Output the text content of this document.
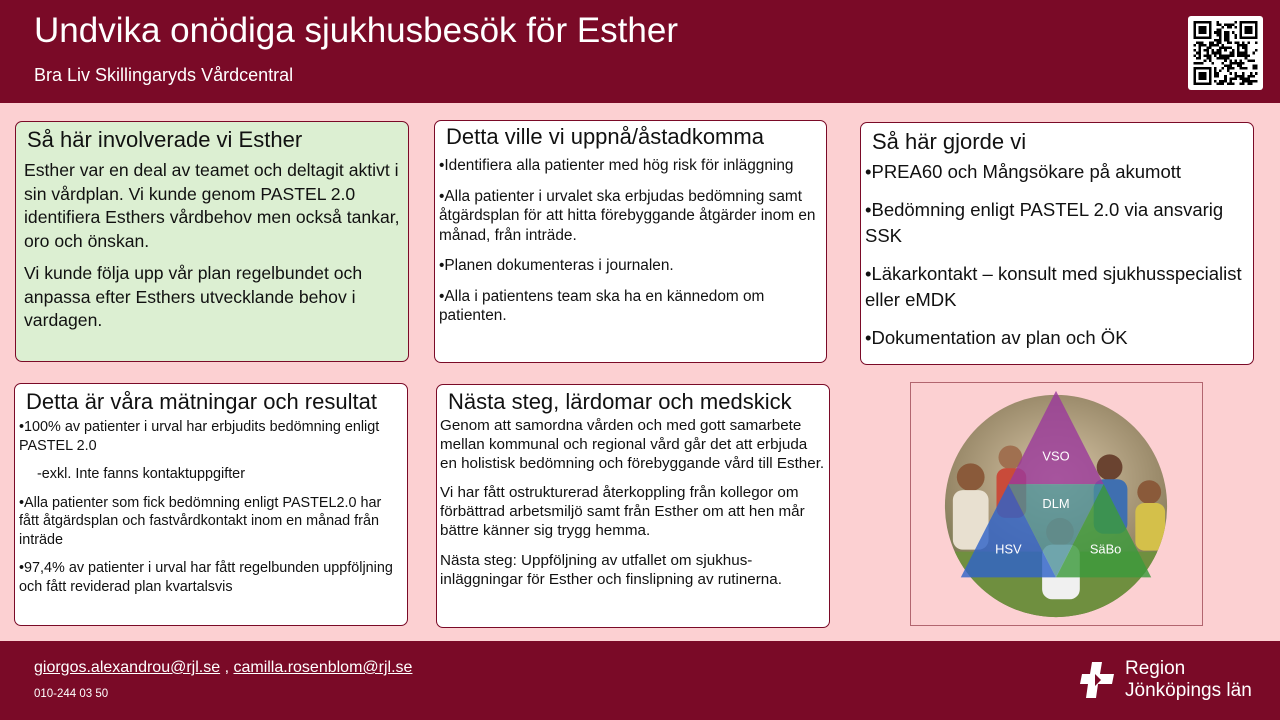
Undvika onödiga sjukhusbesök för Esther
Bra Liv Skillingaryds Vårdcentral
Så här involverade vi Esther

Esther var en deal av teamet och deltagit aktivt i sin vårdplan. Vi kunde genom PASTEL 2.0 identifiera Esthers vårdbehov men också tankar, oro och önskan.

Vi kunde följa upp vår plan regelbundet och anpassa efter Esthers utvecklande behov i vardagen.

Detta ville vi uppnå/åstadkomma

•Identifiera alla patienter med hög risk för inläggning

•Alla patienter i urvalet ska erbjudas bedömning samt åtgärdsplan för att hitta förebyggande åtgärder inom en månad, från inträde.

•Planen dokumenteras i journalen.

•Alla i patientens team ska ha en kännedom om patienten.

Så här gjorde vi

•PREA60 och Mångsökare på akumott

•Bedömning enligt PASTEL 2.0 via ansvarig SSK

•Läkarkontakt – konsult med sjukhusspecialist eller eMDK

•Dokumentation av plan och ÖK

Detta är våra mätningar och resultat

•100% av patienter i urval har erbjudits bedömning enligt PASTEL 2.0

-exkl. Inte fanns kontaktuppgifter

•Alla patienter som fick bedömning enligt PASTEL2.0 har fått åtgärdsplan och fastvårdkontakt inom en månad från inträde

•97,4% av patienter i urval har fått regelbunden uppföljning och fått reviderad plan kvartalsvis

Nästa steg, lärdomar och medskick

Genom att samordna vården och med gott samarbete mellan kommunal och regional vård går det att erbjuda en holistisk bedömning och förebyggande vård till Esther.

Vi har fått ostrukturerad återkoppling från kollegor om förbättrad arbetsmiljö samt från Esther om att hen mår bättre känner sig trygg hemma.

Nästa steg: Uppföljning av utfallet om sjukhus-inläggningar för Esther och finslipning av rutinerna.

VSO
DLM
HSV	SäBo
giorgos.alexandrou@rjl.se , camilla.rosenblom@rjl.se
010-244 03 50
Region
Jönköpings län
